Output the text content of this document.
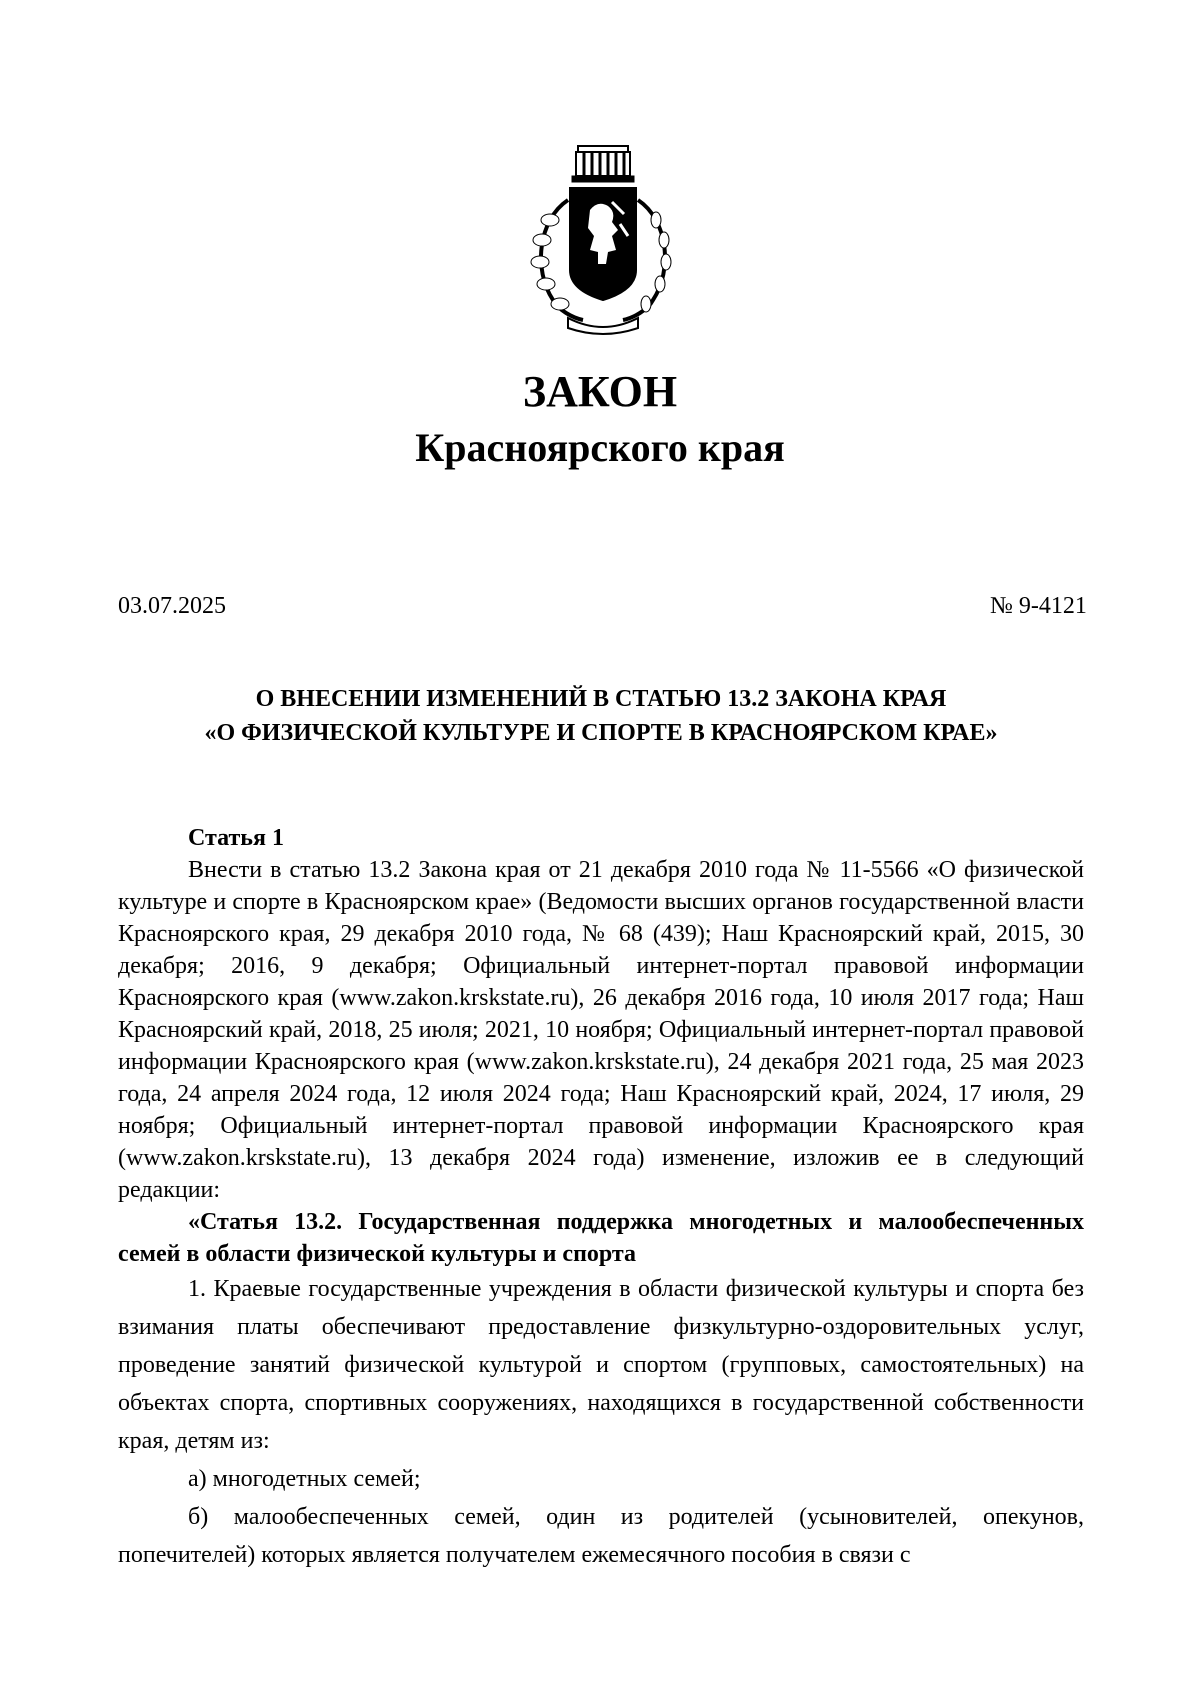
ЗАКОН
Красноярского края
03.07.2025	№ 9-4121
О ВНЕСЕНИИ ИЗМЕНЕНИЙ В СТАТЬЮ 13.2 ЗАКОНА КРАЯ
«О ФИЗИЧЕСКОЙ КУЛЬТУРЕ И СПОРТЕ В КРАСНОЯРСКОМ КРАЕ»

Статья 1

Внести в статью 13.2 Закона края от 21 декабря 2010 года № 11-5566 «О физической культуре и спорте в Красноярском крае» (Ведомости высших органов государственной власти Красноярского края, 29 декабря 2010 года, № 68 (439); Наш Красноярский край, 2015, 30 декабря; 2016, 9 декабря; Официальный интернет-портал правовой информации Красноярского края (www.zakon.krskstate.ru), 26 декабря 2016 года, 10 июля 2017 года; Наш Красноярский край, 2018, 25 июля; 2021, 10 ноября; Официальный интернет-портал правовой информации Красноярского края (www.zakon.krskstate.ru), 24 декабря 2021 года, 25 мая 2023 года, 24 апреля 2024 года, 12 июля 2024 года; Наш Красноярский край, 2024, 17 июля, 29 ноября; Официальный интернет-портал правовой информации Красноярского края (www.zakon.krskstate.ru), 13 декабря 2024 года) изменение, изложив ее в следующий редакции:

«Статья 13.2. Государственная поддержка многодетных и малообеспеченных семей в области физической культуры и спорта

1. Краевые государственные учреждения в области физической культуры и спорта без взимания платы обеспечивают предоставление физкультурно-оздоровительных услуг, проведение занятий физической культурой и спортом (групповых, самостоятельных) на объектах спорта, спортивных сооружениях, находящихся в государственной собственности края, детям из:

а) многодетных семей;

б) малообеспеченных семей, один из родителей (усыновителей, опекунов, попечителей) которых является получателем ежемесячного пособия в связи с
